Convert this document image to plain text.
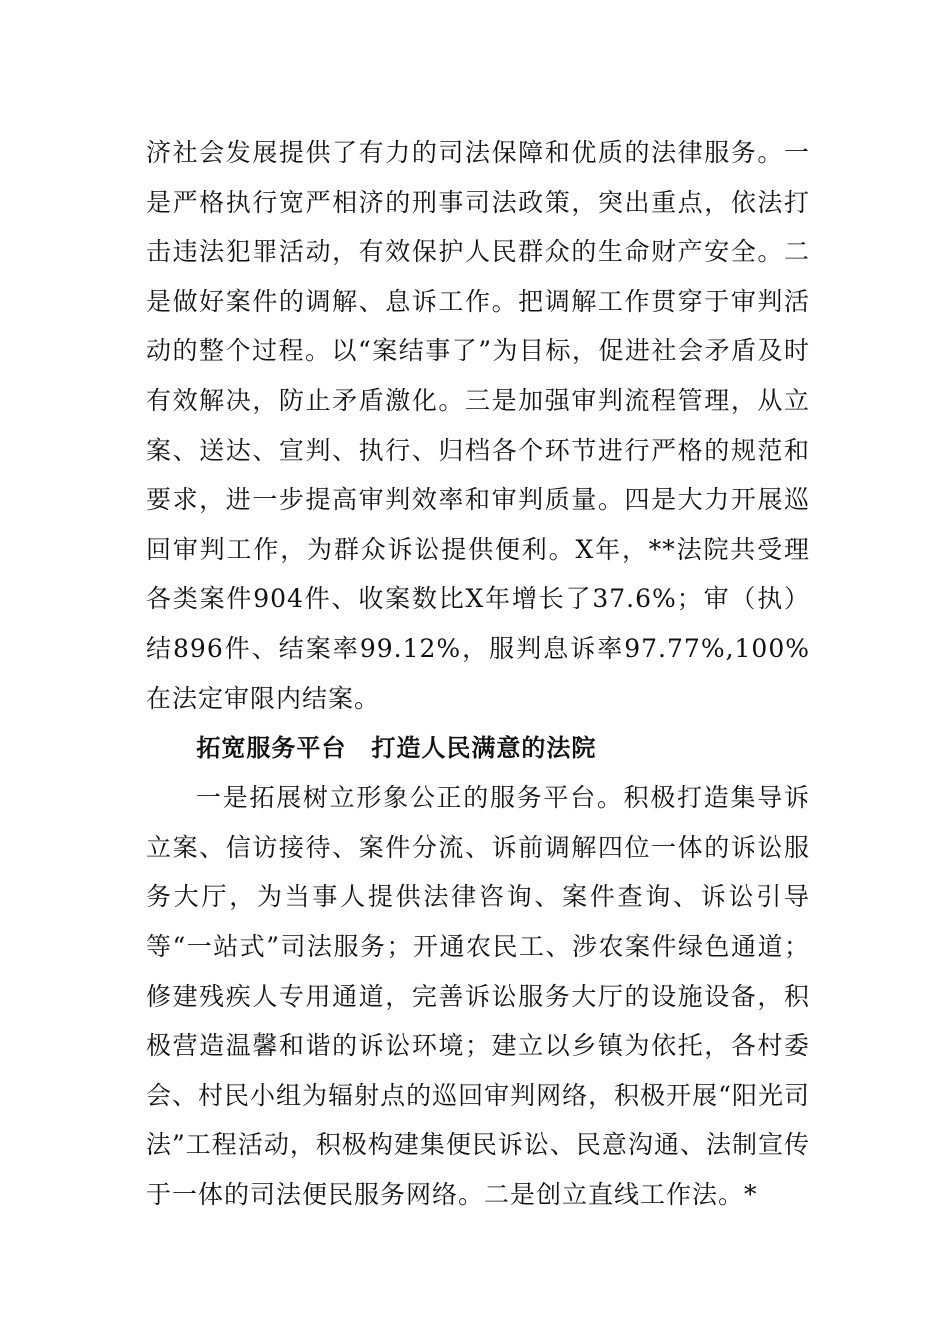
济社会发展提供了有力的司法保障和优质的法律服务。一是严格执行宽严相济的刑事司法政策，突出重点，依法打击违法犯罪活动，有效保护人民群众的生命财产安全。二是做好案件的调解、息诉工作。把调解工作贯穿于审判活动的整个过程。以“案结事了”为目标，促进社会矛盾及时有效解决，防止矛盾激化。三是加强审判流程管理，从立案、送达、宣判、执行、归档各个环节进行严格的规范和要求，进一步提高审判效率和审判质量。四是大力开展巡回审判工作，为群众诉讼提供便利。X年，**法院共受理各类案件904件、收案数比X年增长了37.6%；审（执）结896件、结案率99.12%，服判息诉率97.77%,100%在法定审限内结案。

拓宽服务平台　打造人民满意的法院

一是拓展树立形象公正的服务平台。积极打造集导诉立案、信访接待、案件分流、诉前调解四位一体的诉讼服务大厅，为当事人提供法律咨询、案件查询、诉讼引导等“一站式”司法服务；开通农民工、涉农案件绿色通道；修建残疾人专用通道，完善诉讼服务大厅的设施设备，积极营造温馨和谐的诉讼环境；建立以乡镇为依托，各村委会、村民小组为辐射点的巡回审判网络，积极开展“阳光司法”工程活动，积极构建集便民诉讼、民意沟通、法制宣传于一体的司法便民服务网络。二是创立直线工作法。*
